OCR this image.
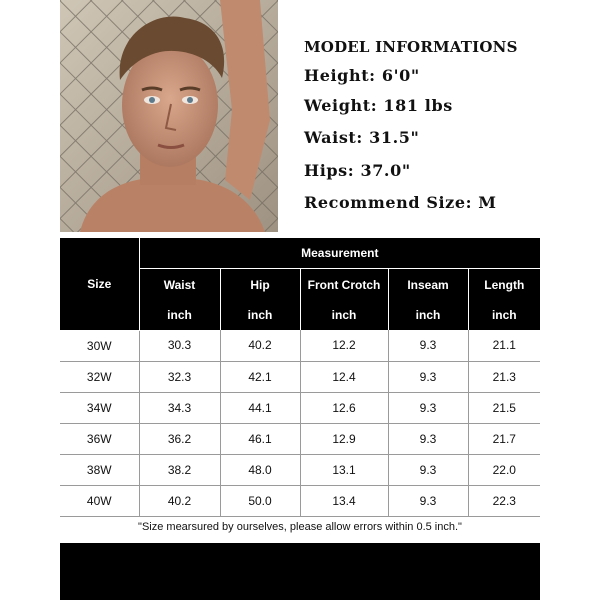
MODEL INFORMATIONS
Height: 6'0"
Weight: 181 lbs
Waist: 31.5"
Hips: 37.0"
Recommend Size: M
Size	Measurement				
	Waist	Hip	Front Crotch	Inseam	Length
	inch	inch	inch	inch	inch
30W	30.3	40.2	12.2	9.3	21.1
32W	32.3	42.1	12.4	9.3	21.3
34W	34.3	44.1	12.6	9.3	21.5
36W	36.2	46.1	12.9	9.3	21.7
38W	38.2	48.0	13.1	9.3	22.0
40W	40.2	50.0	13.4	9.3	22.3
"Size mearsured by ourselves, please allow errors within 0.5 inch."
